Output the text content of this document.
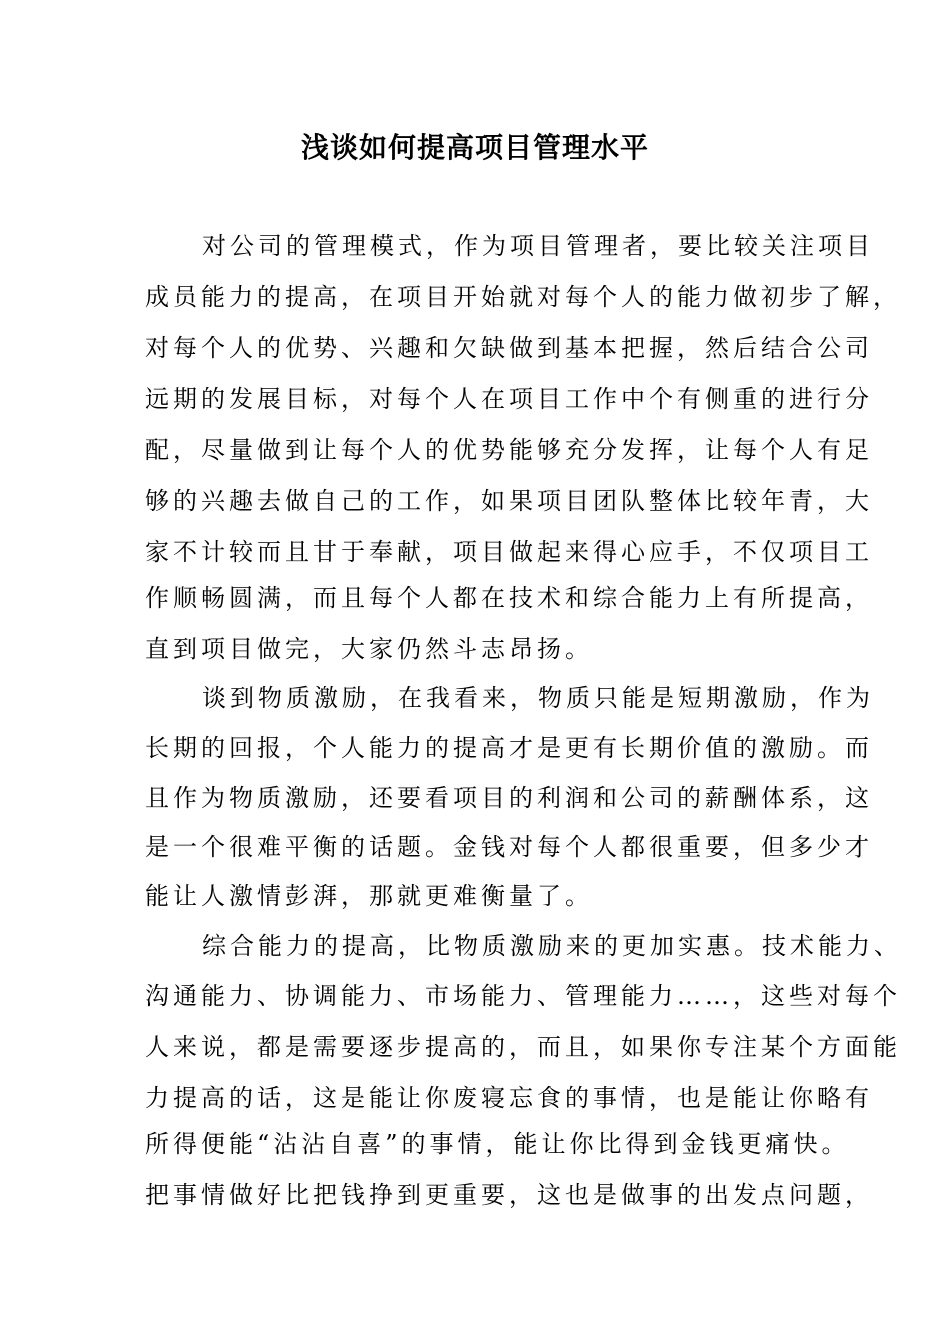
浅谈如何提高项目管理水平
对公司的管理模式，作为项目管理者，要比较关注项目
成员能力的提高，在项目开始就对每个人的能力做初步了解，
对每个人的优势、兴趣和欠缺做到基本把握，然后结合公司
远期的发展目标，对每个人在项目工作中个有侧重的进行分
配，尽量做到让每个人的优势能够充分发挥，让每个人有足
够的兴趣去做自己的工作，如果项目团队整体比较年青，大
家不计较而且甘于奉献，项目做起来得心应手，不仅项目工
作顺畅圆满，而且每个人都在技术和综合能力上有所提高，
直到项目做完，大家仍然斗志昂扬。
谈到物质激励，在我看来，物质只能是短期激励，作为
长期的回报，个人能力的提高才是更有长期价值的激励。而
且作为物质激励，还要看项目的利润和公司的薪酬体系，这
是一个很难平衡的话题。金钱对每个人都很重要，但多少才
能让人激情彭湃，那就更难衡量了。
综合能力的提高，比物质激励来的更加实惠。技术能力、
沟通能力、协调能力、市场能力、管理能力……，这些对每个
人来说，都是需要逐步提高的，而且，如果你专注某个方面能
力提高的话，这是能让你废寝忘食的事情，也是能让你略有
所得便能“沾沾自喜”的事情，能让你比得到金钱更痛快。
把事情做好比把钱挣到更重要，这也是做事的出发点问题，
